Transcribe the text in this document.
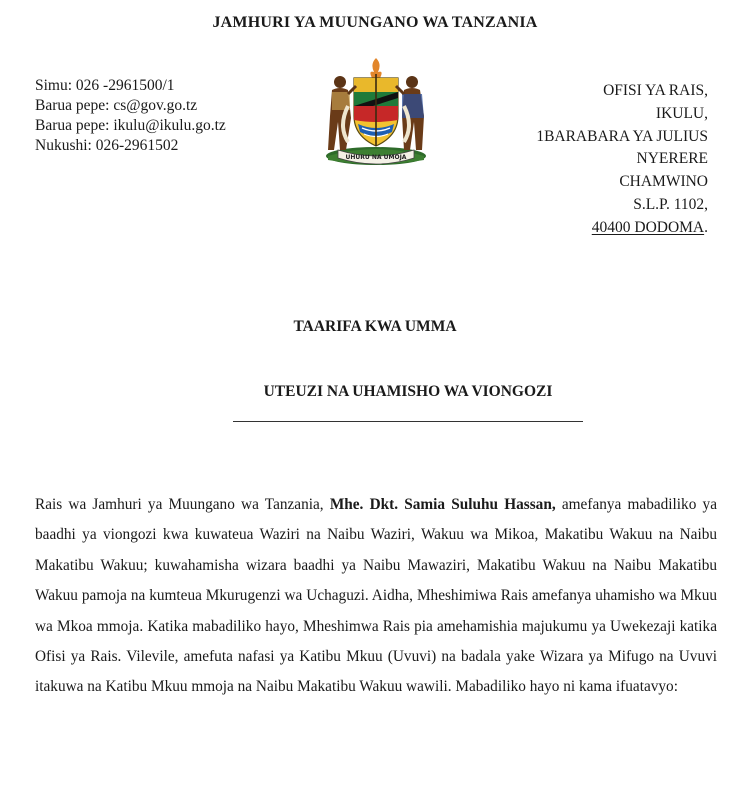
JAMHURI YA MUUNGANO WA TANZANIA
Simu: 026 -2961500/1
Barua pepe: cs@gov.go.tz
Barua pepe: ikulu@ikulu.go.tz
Nukushi: 026-2961502
UHURU NA UMOJA
OFISI YA RAIS,
IKULU,
1BARABARA YA JULIUS
NYERERE
CHAMWINO
S.L.P. 1102,
40400 DODOMA.
TAARIFA KWA UMMA
UTEUZI NA UHAMISHO WA VIONGOZI
Rais wa Jamhuri ya Muungano wa Tanzania, Mhe. Dkt. Samia Suluhu Hassan, amefanya mabadiliko ya baadhi ya viongozi kwa kuwateua Waziri na Naibu Waziri, Wakuu wa Mikoa, Makatibu Wakuu na Naibu Makatibu Wakuu; kuwahamisha wizara baadhi ya Naibu Mawaziri, Makatibu Wakuu na Naibu Makatibu Wakuu pamoja na kumteua Mkurugenzi wa Uchaguzi. Aidha, Mheshimiwa Rais amefanya uhamisho wa Mkuu wa Mkoa mmoja. Katika mabadiliko hayo, Mheshimwa Rais pia amehamishia majukumu ya Uwekezaji katika Ofisi ya Rais. Vilevile, amefuta nafasi ya Katibu Mkuu (Uvuvi) na badala yake Wizara ya Mifugo na Uvuvi itakuwa na Katibu Mkuu mmoja na Naibu Makatibu Wakuu wawili. Mabadiliko hayo ni kama ifuatavyo:
